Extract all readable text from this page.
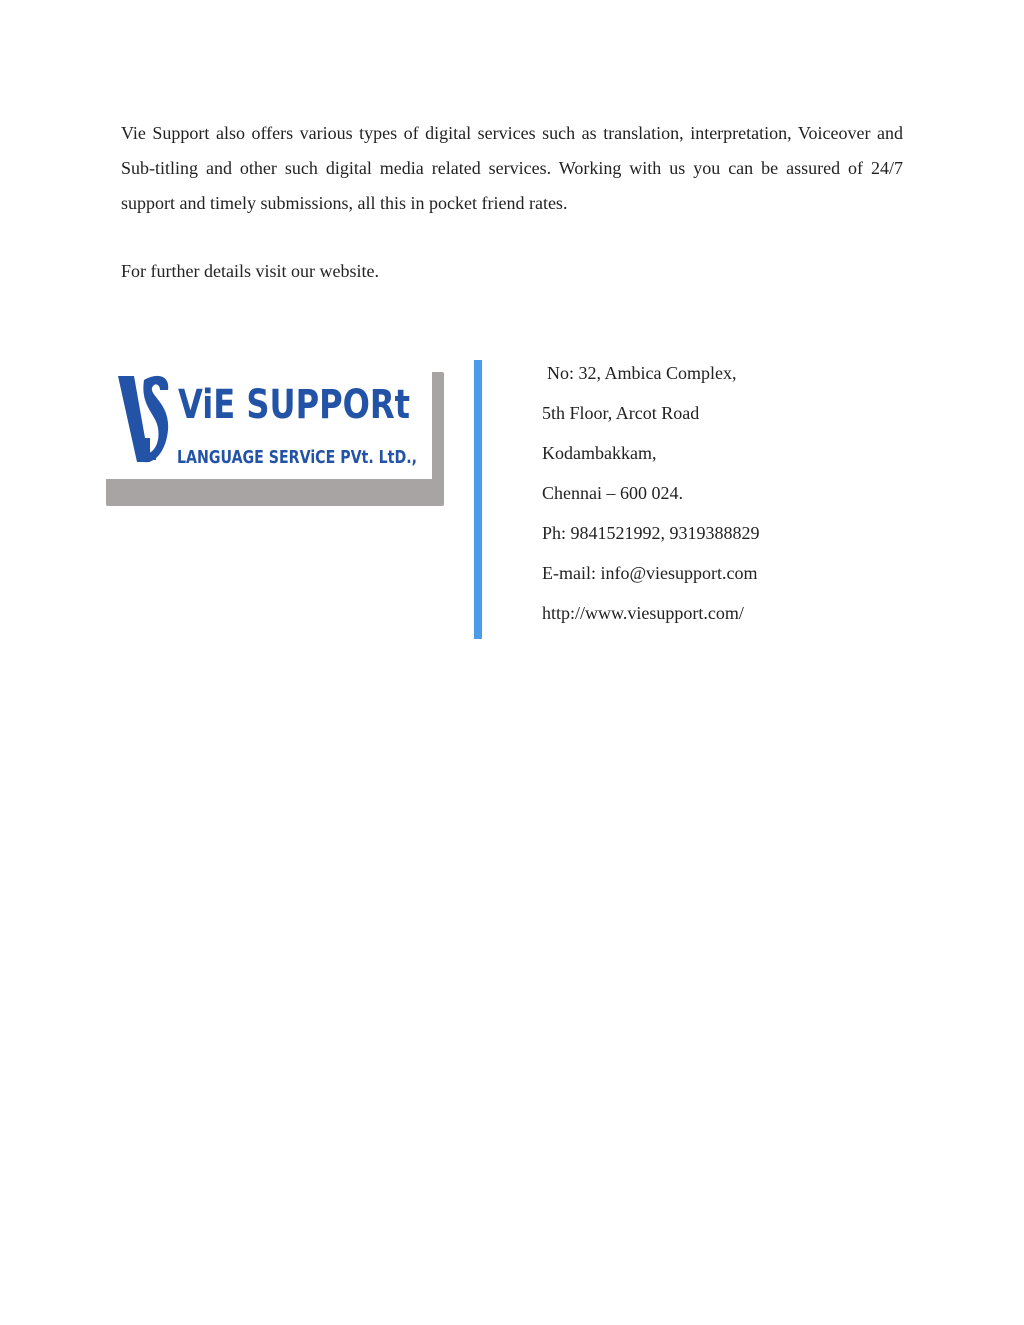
Vie Support also offers various types of digital services such as translation, interpretation, Voiceover and Sub-titling and other such digital media related services. Working with us you can be assured of 24/7 support and timely submissions, all this in pocket friend rates.

For further details visit our website.

ViE SUPPORt
LANGUAGE SERViCE PVt. LtD.,
No: 32, Ambica Complex,
5th Floor, Arcot Road
Kodambakkam,
Chennai – 600 024.
Ph: 9841521992, 9319388829
E-mail: info@viesupport.com
http://www.viesupport.com/
